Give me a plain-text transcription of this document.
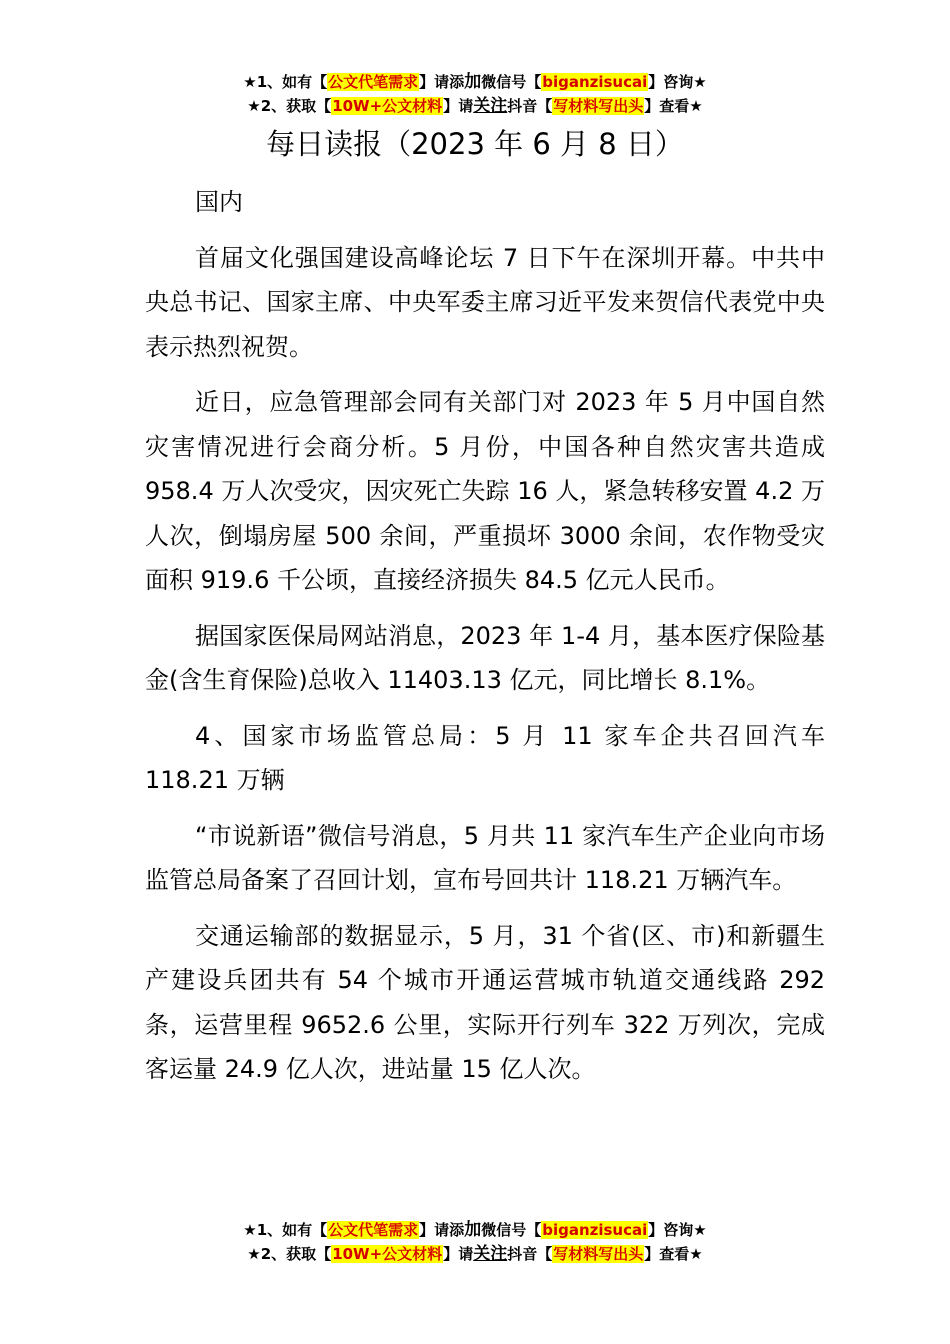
★1、如有【公文代笔需求】请添加微信号【biganzisucai】咨询★
★2、获取【10W+公文材料】请关注抖音【写材料写出头】查看★
每日读报（2023 年 6 月 8 日）

国内

首届文化强国建设高峰论坛 7 日下午在深圳开幕。中共中央总书记、国家主席、中央军委主席习近平发来贺信代表党中央表示热烈祝贺。

近日，应急管理部会同有关部门对 2023 年 5 月中国自然灾害情况进行会商分析。5 月份，中国各种自然灾害共造成 958.4 万人次受灾，因灾死亡失踪 16 人，紧急转移安置 4.2 万人次，倒塌房屋 500 余间，严重损坏 3000 余间，农作物受灾面积 919.6 千公顷，直接经济损失 84.5 亿元人民币。

据国家医保局网站消息，2023 年 1-4 月，基本医疗保险基金(含生育保险)总收入 11403.13 亿元，同比增长 8.1%。

4、国家市场监管总局：5 月 11 家车企共召回汽车 118.21 万辆

“市说新语”微信号消息，5 月共 11 家汽车生产企业向市场监管总局备案了召回计划，宣布号回共计 118.21 万辆汽车。

交通运输部的数据显示，5 月，31 个省(区、市)和新疆生产建设兵团共有 54 个城市开通运营城市轨道交通线路 292 条，运营里程 9652.6 公里，实际开行列车 322 万列次，完成客运量 24.9 亿人次，进站量 15 亿人次。

★1、如有【公文代笔需求】请添加微信号【biganzisucai】咨询★
★2、获取【10W+公文材料】请关注抖音【写材料写出头】查看★
